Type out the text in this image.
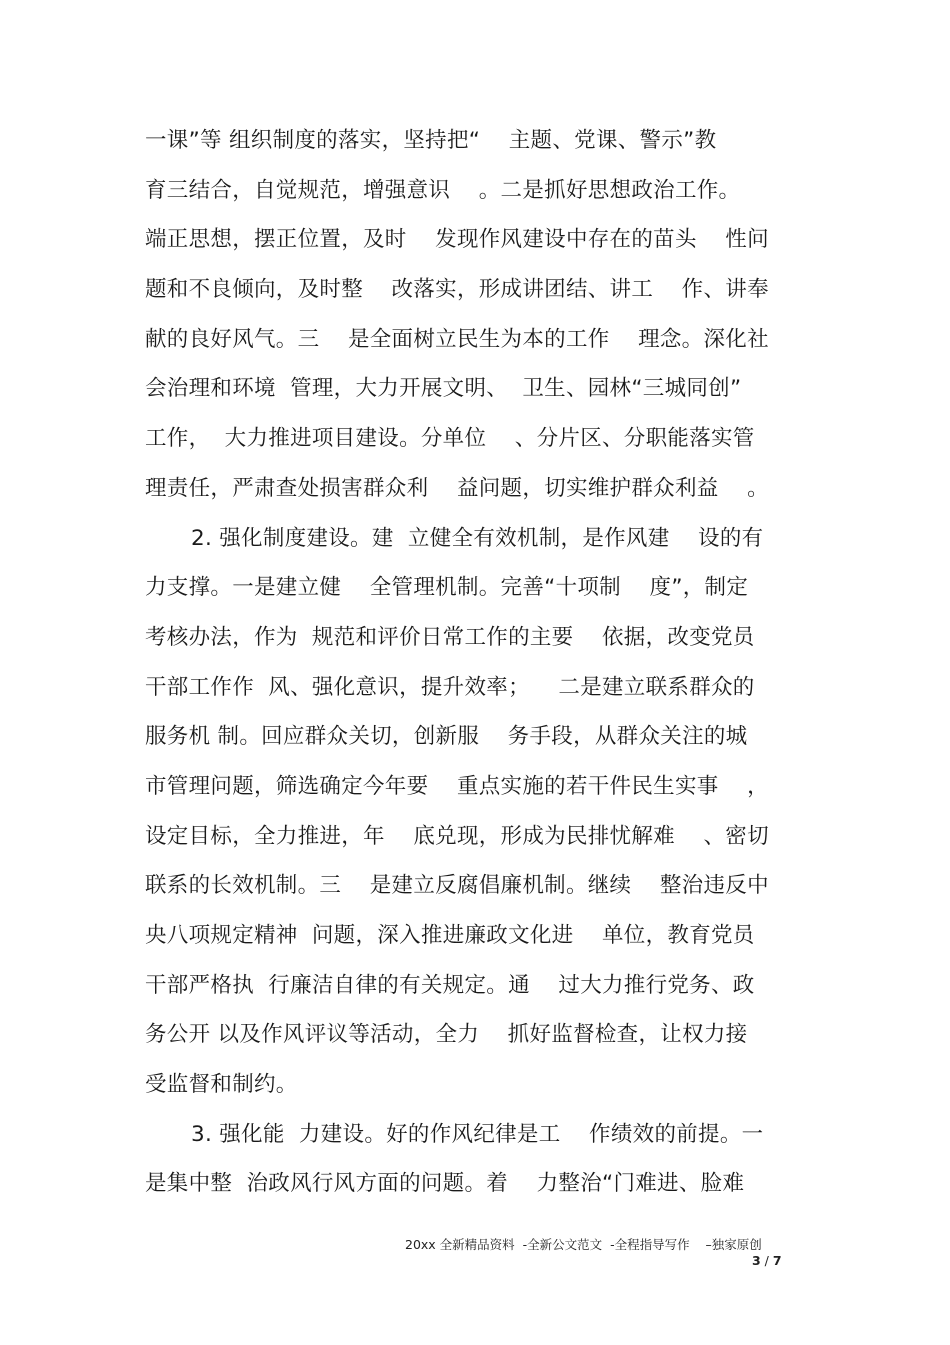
一课”等 组织制度的落实，坚持把“    主题、党课、警示”教
育三结合，自觉规范，增强意识    。二是抓好思想政治工作。
端正思想，摆正位置，及时    发现作风建设中存在的苗头    性问
题和不良倾向，及时整    改落实，形成讲团结、讲工    作、讲奉
献的良好风气。三    是全面树立民生为本的工作    理念。深化社
会治理和环境  管理，大力开展文明、  卫生、园林“三城同创”
工作，  大力推进项目建设。分单位    、分片区、分职能落实管
理责任，严肃查处损害群众利    益问题，切实维护群众利益    。
2. 强化制度建设。建  立健全有效机制，是作风建    设的有
力支撑。一是建立健    全管理机制。完善“十项制    度”，制定
考核办法，作为  规范和评价日常工作的主要    依据，改变党员
干部工作作  风、强化意识，提升效率；    二是建立联系群众的
服务机 制。回应群众关切，创新服    务手段，从群众关注的城
市管理问题，筛选确定今年要    重点实施的若干件民生实事    ，
设定目标，全力推进，年    底兑现，形成为民排忧解难    、密切
联系的长效机制。三    是建立反腐倡廉机制。继续    整治违反中
央八项规定精神  问题，深入推进廉政文化进    单位，教育党员
干部严格执  行廉洁自律的有关规定。通    过大力推行党务、政
务公开 以及作风评议等活动，全力    抓好监督检查，让权力接
受监督和制约。
3. 强化能  力建设。好的作风纪律是工    作绩效的前提。一
是集中整  治政风行风方面的问题。着    力整治“门难进、脸难
20xx 全新精品资料  -全新公文范文  -全程指导写作    –独家原创
3 / 7
